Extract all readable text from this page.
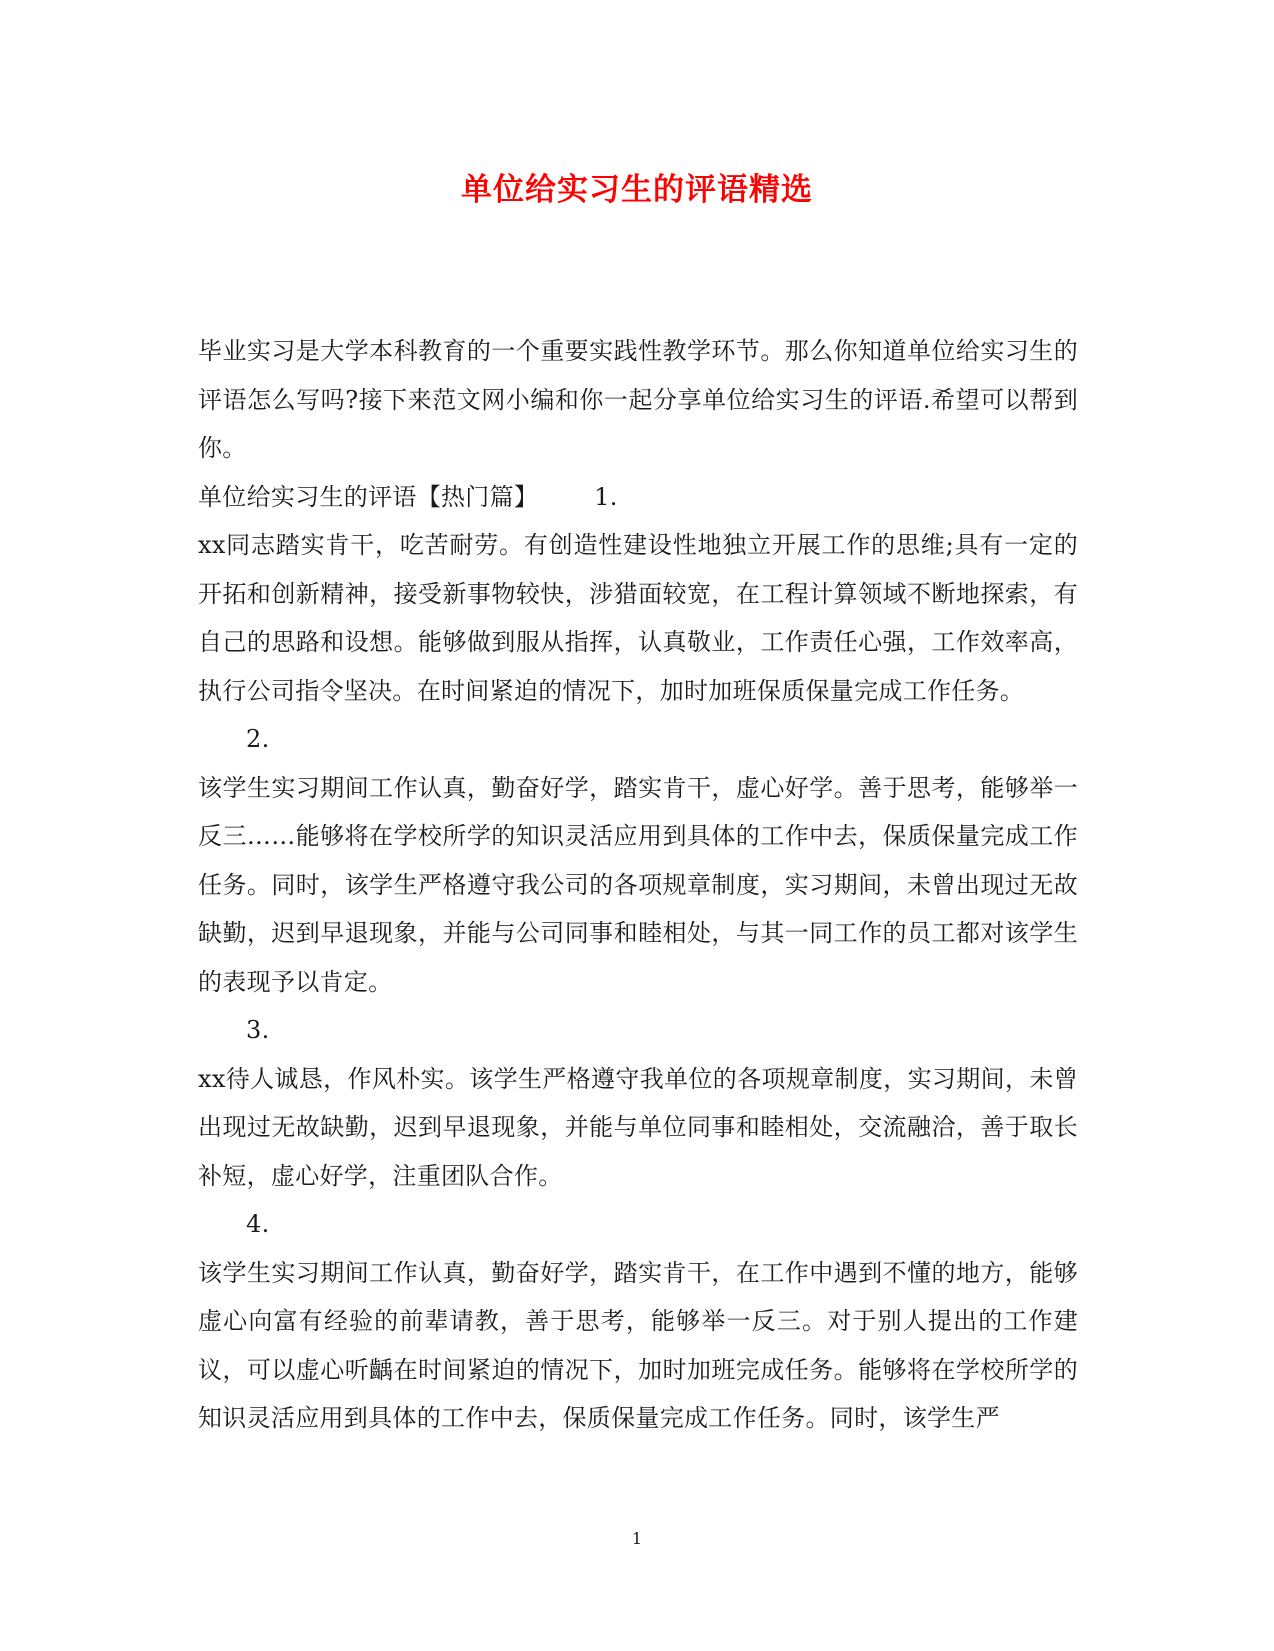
单位给实习生的评语精选

毕业实习是大学本科教育的一个重要实践性教学环节。那么你知道单位给实习生的评语怎么写吗?接下来范文网小编和你一起分享单位给实习生的评语.希望可以帮到你。

单位给实习生的评语【热门篇】 1.

xx同志踏实肯干，吃苦耐劳。有创造性建设性地独立开展工作的思维;具有一定的开拓和创新精神，接受新事物较快，涉猎面较宽，在工程计算领域不断地探索，有自己的思路和设想。能够做到服从指挥，认真敬业，工作责任心强，工作效率高，执行公司指令坚决。在时间紧迫的情况下，加时加班保质保量完成工作任务。

2.

该学生实习期间工作认真，勤奋好学，踏实肯干，虚心好学。善于思考，能够举一反三……能够将在学校所学的知识灵活应用到具体的工作中去，保质保量完成工作任务。同时，该学生严格遵守我公司的各项规章制度，实习期间，未曾出现过无故缺勤，迟到早退现象，并能与公司同事和睦相处，与其一同工作的员工都对该学生的表现予以肯定。

3.

xx待人诚恳，作风朴实。该学生严格遵守我单位的各项规章制度，实习期间，未曾出现过无故缺勤，迟到早退现象，并能与单位同事和睦相处，交流融洽，善于取长补短，虚心好学，注重团队合作。

4.

该学生实习期间工作认真，勤奋好学，踏实肯干，在工作中遇到不懂的地方，能够虚心向富有经验的前辈请教，善于思考，能够举一反三。对于别人提出的工作建议，可以虚心听齲在时间紧迫的情况下，加时加班完成任务。能够将在学校所学的知识灵活应用到具体的工作中去，保质保量完成工作任务。同时，该学生严

1
